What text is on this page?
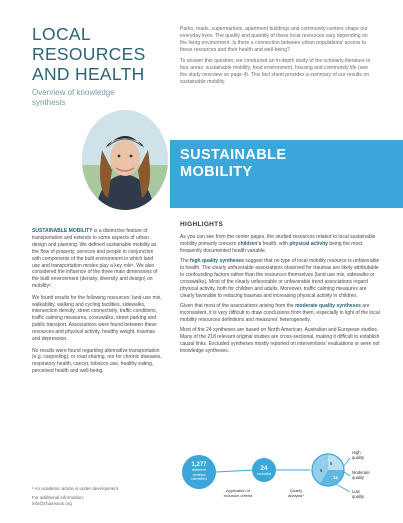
LOCAL
RESOURCES
AND HEALTH
Overview of knowledge
synthesis

Parks, roads, supermarkets, apartment buildings and community centers shape our everyday lives. The quality and quantity of these local resources vary depending on the living environment. Is there a connection between urban populations’ access to these resources and their health and well-being?

To answer this question, we conducted an in-depth study of the scholarly literature in four areas: sustainable mobility, food environment, housing and community life (see the study overview on page 4). This fact sheet provides a summary of our results on sustainable mobility.

SUSTAINABLE
MOBILITY

SUSTAINABLE MOBILITY is a distinctive feature of transportation and extends to some aspects of urban design and planning. We defined sustainable mobility as the flow of property, services and people in conjunction with components of the built environment in which land use and transportation modes play a key role¹. We also considered the influence of the three main dimensions of the built environment (density, diversity and design) on mobility².

We found results for the following resources: land-use mix, walkability, walking and cycling facilities, sidewalks, intersection density, street connectivity, traffic conditions, traffic calming measures, crosswalks, street parking and public transport. Associations were found between these resources and physical activity, healthy weight, traumas and depression.

No results were found regarding alternative transportation (e.g. carpooling), or road sharing, nor for chronic diseases, respiratory health, cancer, tobacco use, healthy eating, perceived health and well-being.

HIGHLIGHTS

As you can see from the center pages, the studied resources related to local sustainable mobility primarily concern children’s health, with physical activity being the most frequently documented health variable.

The high quality syntheses suggest that no type of local mobility resource is unfavorable to health. The clearly unfavorable associations observed for traumas are likely attributable to confounding factors rather than the resources themselves (land use mix, sidewalks or crosswalks). Most of the clearly unfavorable or unfavorable trend associations regard physical activity, both for children and adults. Moreover, traffic calming measures are clearly favorable to reducing traumas and increasing physical activity in children.

Given that most of the associations arising from the moderate quality syntheses are inconsistent, it is very difficult to draw conclusions from them, especially in light of the local mobility resources definitions and measures’ heterogeneity.

Most of the 24 syntheses are based on North American, Australian and European studies. Many of the 218 relevant original studies are cross-sectional, making it difficult to establish causal links. Excluded syntheses mostly reported on interventions’ evaluations or were not knowledge syntheses.

¹ An academic article is under development.
For additional information:
info@chaireacis.org
1,277
different
reviews
identified
24
included
Application of
inclusion criteria
Quality
analysis*
5
14
5
High
quality
Moderate
quality
Low
quality
